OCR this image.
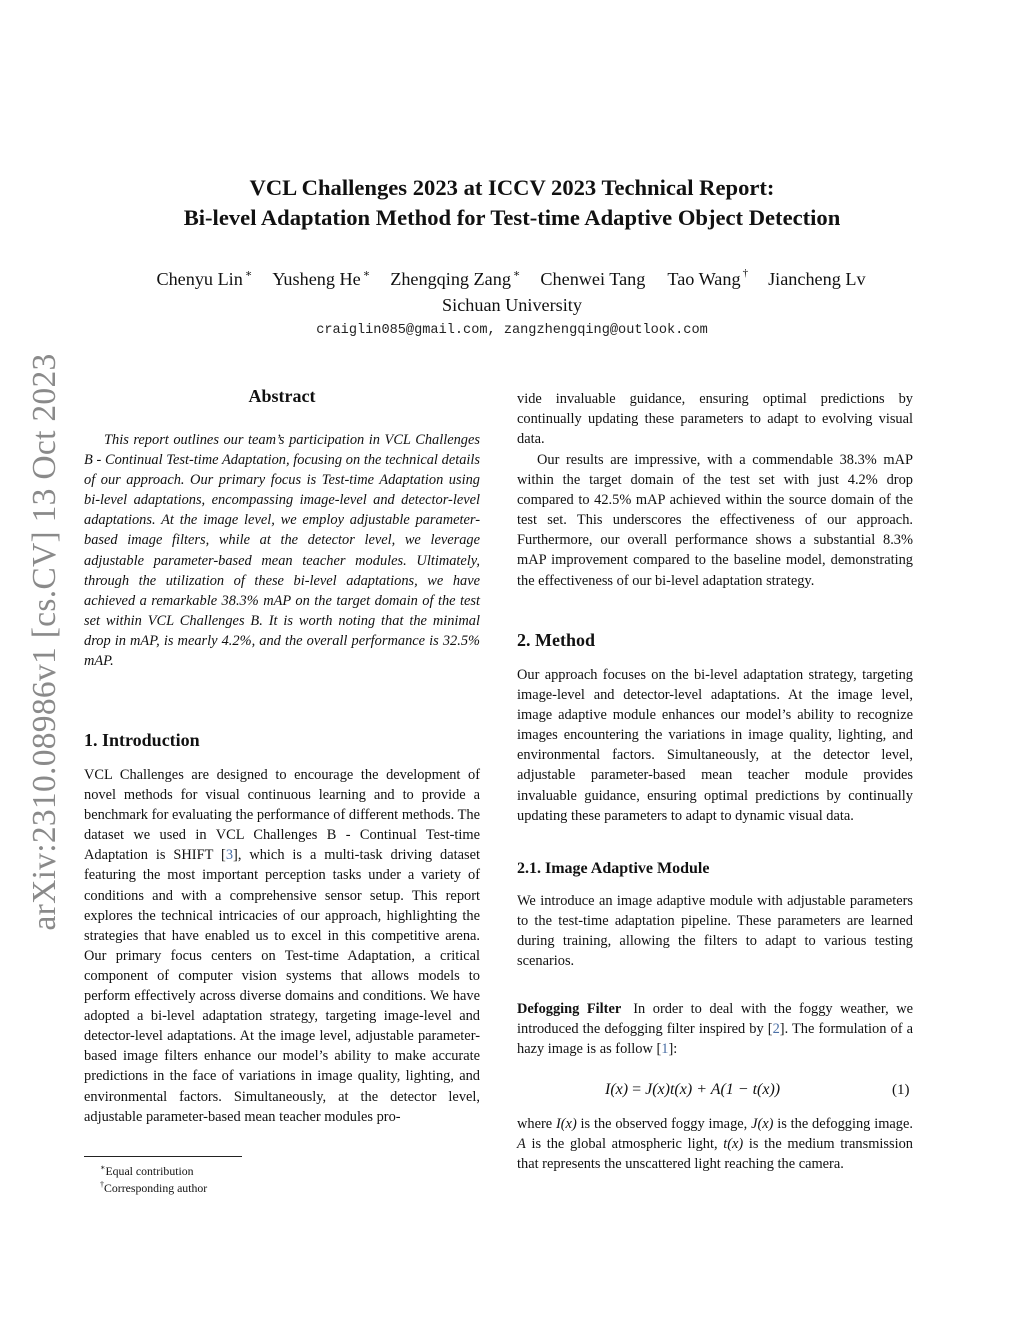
arXiv:2310.08986v1 [cs.CV] 13 Oct 2023
VCL Challenges 2023 at ICCV 2023 Technical Report:
Bi-level Adaptation Method for Test-time Adaptive Object Detection
Chenyu Lin ∗ Yusheng He ∗ Zhengqing Zang ∗ Chenwei Tang Tao Wang † Jiancheng Lv
Sichuan University
craiglin085@gmail.com, zangzhengqing@outlook.com
Abstract
This report outlines our team’s participation in VCL Challenges B - Continual Test-time Adaptation, focusing on the technical details of our approach. Our primary focus is Test-time Adaptation using bi-level adaptations, encompassing image-level and detector-level adaptations. At the image level, we employ adjustable parameter-based image filters, while at the detector level, we leverage adjustable parameter-based mean teacher modules. Ultimately, through the utilization of these bi-level adaptations, we have achieved a remarkable 38.3% mAP on the target domain of the test set within VCL Challenges B. It is worth noting that the minimal drop in mAP, is mearly 4.2%, and the overall performance is 32.5% mAP.
1. Introduction
VCL Challenges are designed to encourage the development of novel methods for visual continuous learning and to provide a benchmark for evaluating the performance of different methods. The dataset we used in VCL Challenges B - Continual Test-time Adaptation is SHIFT [3], which is a multi-task driving dataset featuring the most important perception tasks under a variety of conditions and with a comprehensive sensor setup. This report explores the technical intricacies of our approach, highlighting the strategies that have enabled us to excel in this competitive arena. Our primary focus centers on Test-time Adaptation, a critical component of computer vision systems that allows models to perform effectively across diverse domains and conditions. We have adopted a bi-level adaptation strategy, targeting image-level and detector-level adaptations. At the image level, adjustable parameter-based image filters enhance our model’s ability to make accurate predictions in the face of variations in image quality, lighting, and environmental factors. Simultaneously, at the detector level, adjustable parameter-based mean teacher modules pro-
∗Equal contribution
†Corresponding author
vide invaluable guidance, ensuring optimal predictions by continually updating these parameters to adapt to evolving visual data.
Our results are impressive, with a commendable 38.3% mAP within the target domain of the test set with just 4.2% drop compared to 42.5% mAP achieved within the source domain of the test set. This underscores the effectiveness of our approach. Furthermore, our overall performance shows a substantial 8.3% mAP improvement compared to the baseline model, demonstrating the effectiveness of our bi-level adaptation strategy.
2. Method
Our approach focuses on the bi-level adaptation strategy, targeting image-level and detector-level adaptations. At the image level, image adaptive module enhances our model’s ability to recognize images encountering the variations in image quality, lighting, and environmental factors. Simultaneously, at the detector level, adjustable parameter-based mean teacher module provides invaluable guidance, ensuring optimal predictions by continually updating these parameters to adapt to dynamic visual data.
2.1. Image Adaptive Module
We introduce an image adaptive module with adjustable parameters to the test-time adaptation pipeline. These parameters are learned during training, allowing the filters to adapt to various testing scenarios.
Defogging Filter In order to deal with the foggy weather, we introduced the defogging filter inspired by [2]. The formulation of a hazy image is as follow [1]:
I(x) = J(x)t(x) + A(1 − t(x))	(1)
where I(x) is the observed foggy image, J(x) is the defogging image. A is the global atmospheric light, t(x) is the medium transmission that represents the unscattered light reaching the camera.
